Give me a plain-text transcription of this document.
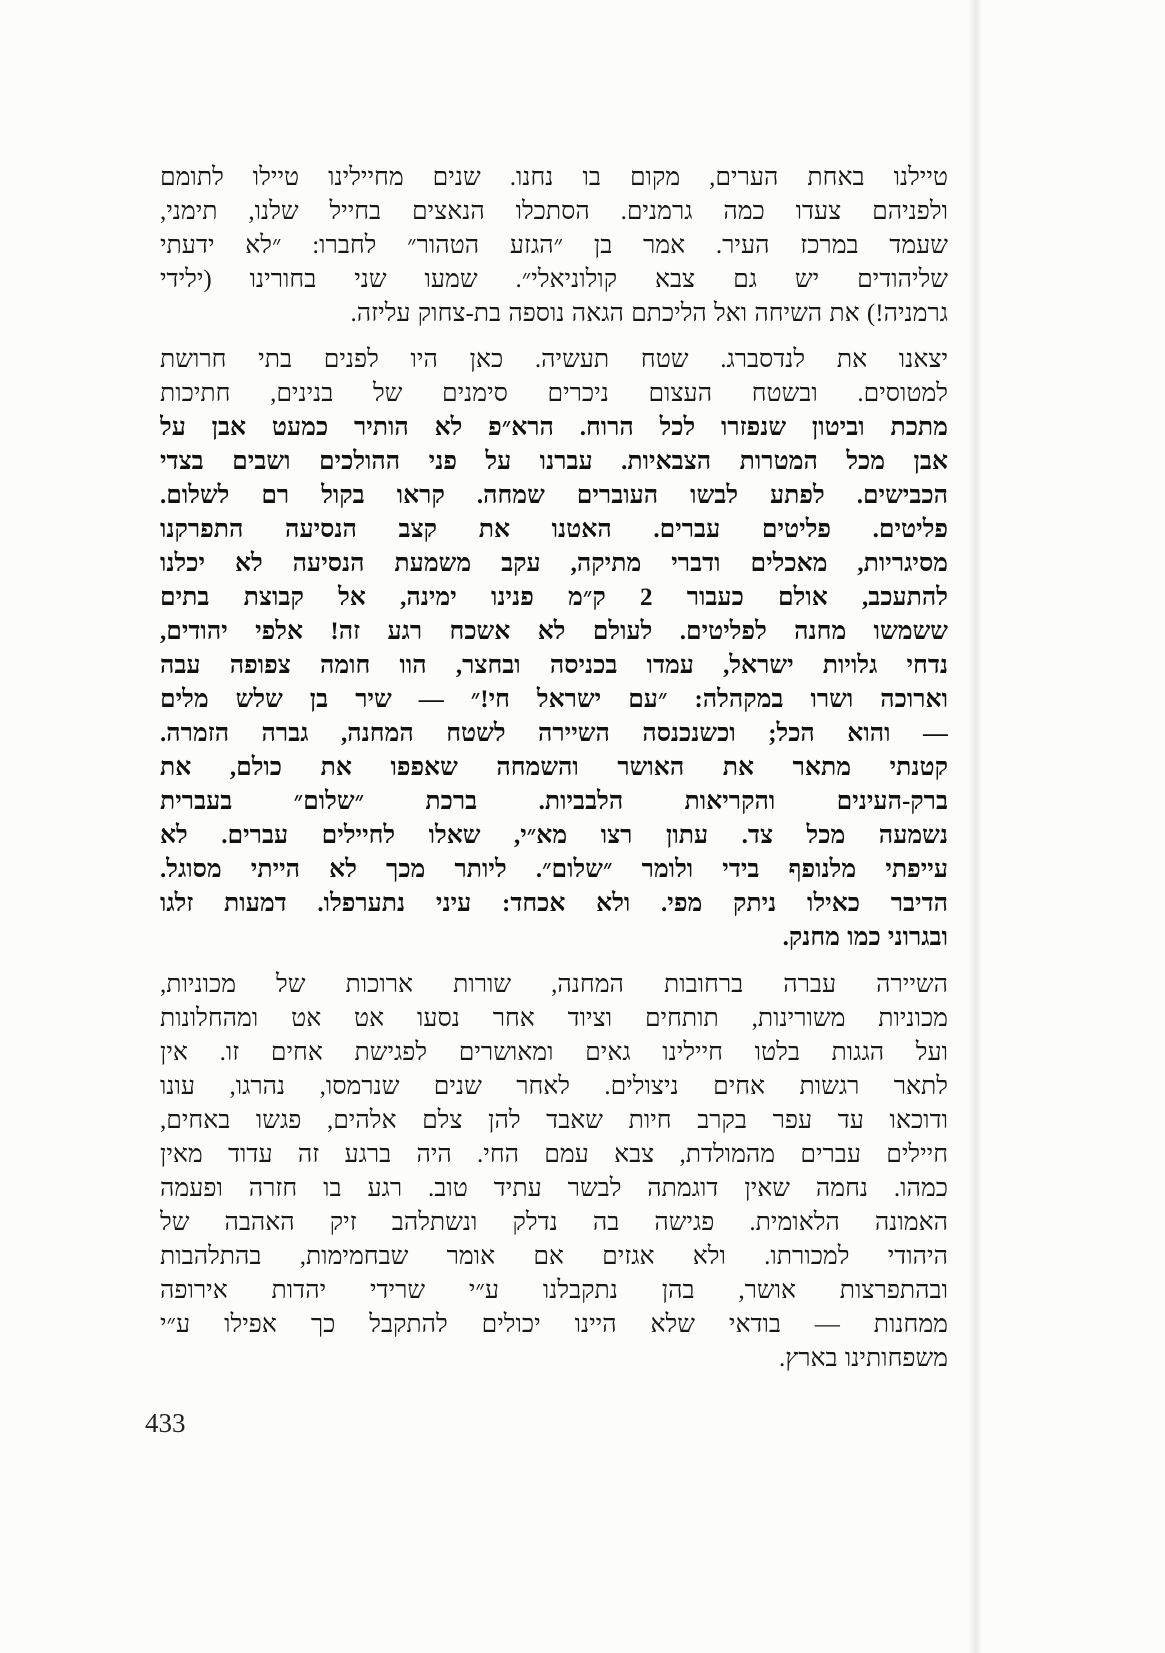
טיילנו באחת הערים, מקום בו נחנו. שנים מחיילינו טיילו לתומם
ולפניהם צעדו כמה גרמנים. הסתכלו הנאצים בחייל שלנו, תימני,
שעמד במרכז העיר. אמר בן ״הגזע הטהור״ לחברו: ״לא ידעתי
שליהודים יש גם צבא קולוניאלי״. שמעו שני בחורינו (ילידי
גרמניה!) את השיחה ואל הליכתם הגאה נוספה בת-צחוק עליזה.
יצאנו את לנדסברג. שטח תעשיה. כאן היו לפנים בתי חרושת
למטוסים. ובשטח העצום ניכרים סימנים של בנינים, חתיכות
מתכת וביטון שנפזרו לכל הרוח. הרא״פ לא הותיר כמעט אבן על
אבן מכל המטרות הצבאיות. עברנו על פני ההולכים ושבים בצדי
הכבישים. לפתע לבשו העוברים שמחה. קראו בקול רם לשלום.
פליטים. פליטים עברים. האטנו את קצב הנסיעה התפרקנו
מסיגריות, מאכלים ודברי מתיקה, עקב משמעת הנסיעה לא יכלנו
להתעכב, אולם כעבור 2 ק״מ פנינו ימינה, אל קבוצת בתים
ששמשו מחנה לפליטים. לעולם לא אשכח רגע זה! אלפי יהודים,
נדחי גלויות ישראל, עמדו בכניסה ובחצר, הוו חומה צפופה עבה
וארוכה ושרו במקהלה: ״עם ישראל חי!״ — שיר בן שלש מלים
— והוא הכל; וכשנכנסה השיירה לשטח המחנה, גברה הזמרה.
קטנתי מתאר את האושר והשמחה שאפפו את כולם, את
ברק-העינים והקריאות הלבביות. ברכת ״שלום״ בעברית
נשמעה מכל צד. עתון רצו מא״י, שאלו לחיילים עברים. לא
עייפתי מלנופף בידי ולומר ״שלום״. ליותר מכך לא הייתי מסוגל.
הדיבר כאילו ניתק מפי. ולא אכחד: עיני נתערפלו. דמעות זלגו
ובגרוני כמו מחנק.
השיירה עברה ברחובות המחנה, שורות ארוכות של מכוניות,
מכוניות משורינות, תותחים וציוד אחר נסעו אט אט ומהחלונות
ועל הגגות בלטו חיילינו גאים ומאושרים לפגישת אחים זו. אין
לתאר רגשות אחים ניצולים. לאחר שנים שנרמסו, נהרגו, עונו
ודוכאו עד עפר בקרב חיות שאבד להן צלם אלהים, פגשו באחים,
חיילים עברים מהמולדת, צבא עמם החי. היה ברגע זה עדוד מאין
כמהו. נחמה שאין דוגמתה לבשר עתיד טוב. רגע בו חזרה ופעמה
האמונה הלאומית. פגישה בה נדלק ונשתלהב זיק האהבה של
היהודי למכורתו. ולא אגזים אם אומר שבחמימות, בהתלהבות
ובהתפרצות אושר, בהן נתקבלנו ע״י שרידי יהדות אירופה
ממחנות — בודאי שלא היינו יכולים להתקבל כך אפילו ע״י
משפחותינו בארץ.
433
